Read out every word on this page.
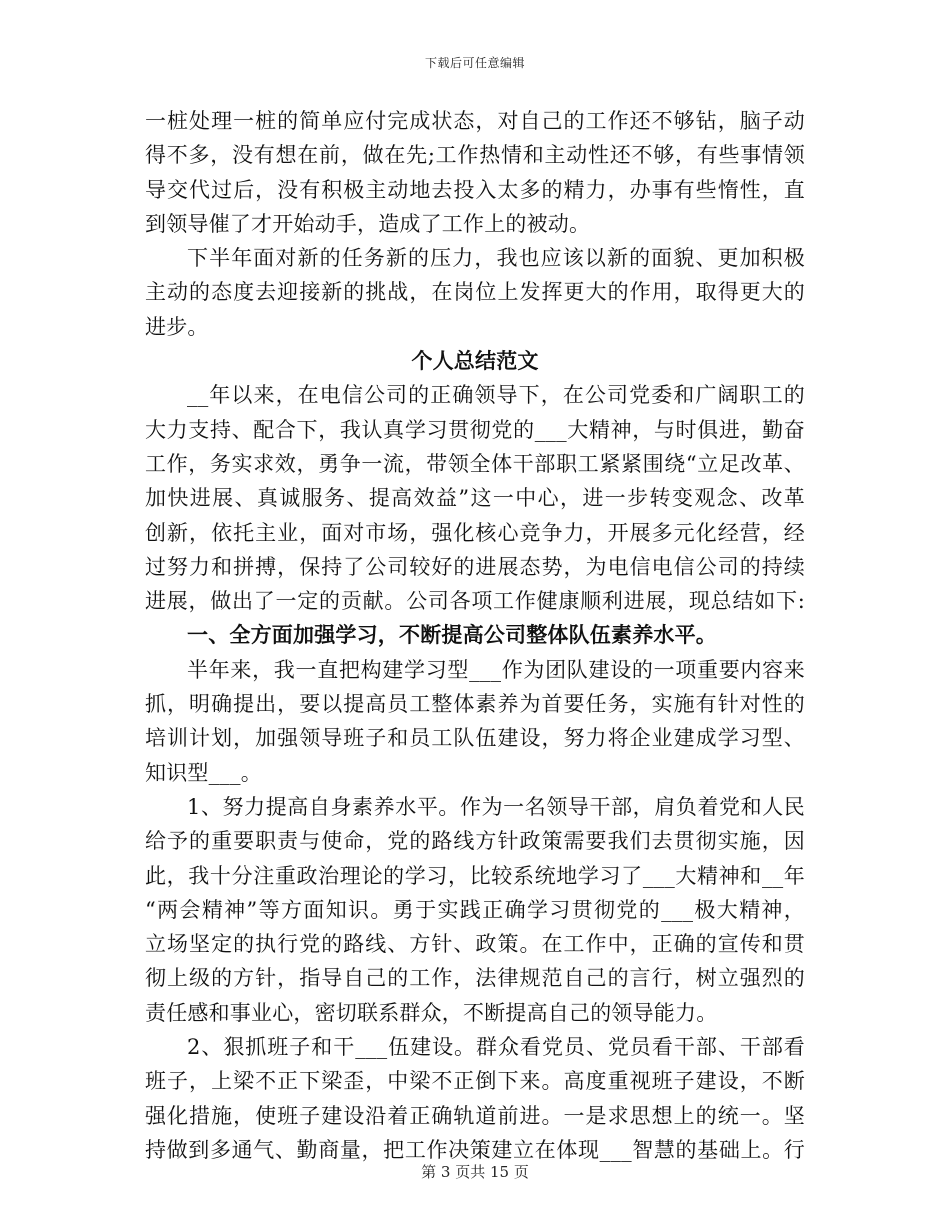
下载后可任意编辑
一桩处理一桩的简单应付完成状态，对自己的工作还不够钻，脑子动
得不多，没有想在前，做在先;工作热情和主动性还不够，有些事情领
导交代过后，没有积极主动地去投入太多的精力，办事有些惰性，直
到领导催了才开始动手，造成了工作上的被动。
下半年面对新的任务新的压力，我也应该以新的面貌、更加积极
主动的态度去迎接新的挑战，在岗位上发挥更大的作用，取得更大的
进步。
个人总结范文
__年以来，在电信公司的正确领导下，在公司党委和广阔职工的
大力支持、配合下，我认真学习贯彻党的___大精神，与时俱进，勤奋
工作，务实求效，勇争一流，带领全体干部职工紧紧围绕“立足改革、
加快进展、真诚服务、提高效益”这一中心，进一步转变观念、改革
创新，依托主业，面对市场，强化核心竞争力，开展多元化经营，经
过努力和拼搏，保持了公司较好的进展态势，为电信电信公司的持续
进展，做出了一定的贡献。公司各项工作健康顺利进展，现总结如下:
一、全方面加强学习，不断提高公司整体队伍素养水平。
半年来，我一直把构建学习型___作为团队建设的一项重要内容来
抓，明确提出，要以提高员工整体素养为首要任务，实施有针对性的
培训计划，加强领导班子和员工队伍建设，努力将企业建成学习型、
知识型___。
1、努力提高自身素养水平。作为一名领导干部，肩负着党和人民
给予的重要职责与使命，党的路线方针政策需要我们去贯彻实施，因
此，我十分注重政治理论的学习，比较系统地学习了___大精神和__年
“两会精神”等方面知识。勇于实践正确学习贯彻党的___极大精神，
立场坚定的执行党的路线、方针、政策。在工作中，正确的宣传和贯
彻上级的方针，指导自己的工作，法律规范自己的言行，树立强烈的
责任感和事业心，密切联系群众，不断提高自己的领导能力。
2、狠抓班子和干___伍建设。群众看党员、党员看干部、干部看
班子，上梁不正下梁歪，中梁不正倒下来。高度重视班子建设，不断
强化措施，使班子建设沿着正确轨道前进。一是求思想上的统一。坚
持做到多通气、勤商量，把工作决策建立在体现___智慧的基础上。行
第 3 页共 15 页
